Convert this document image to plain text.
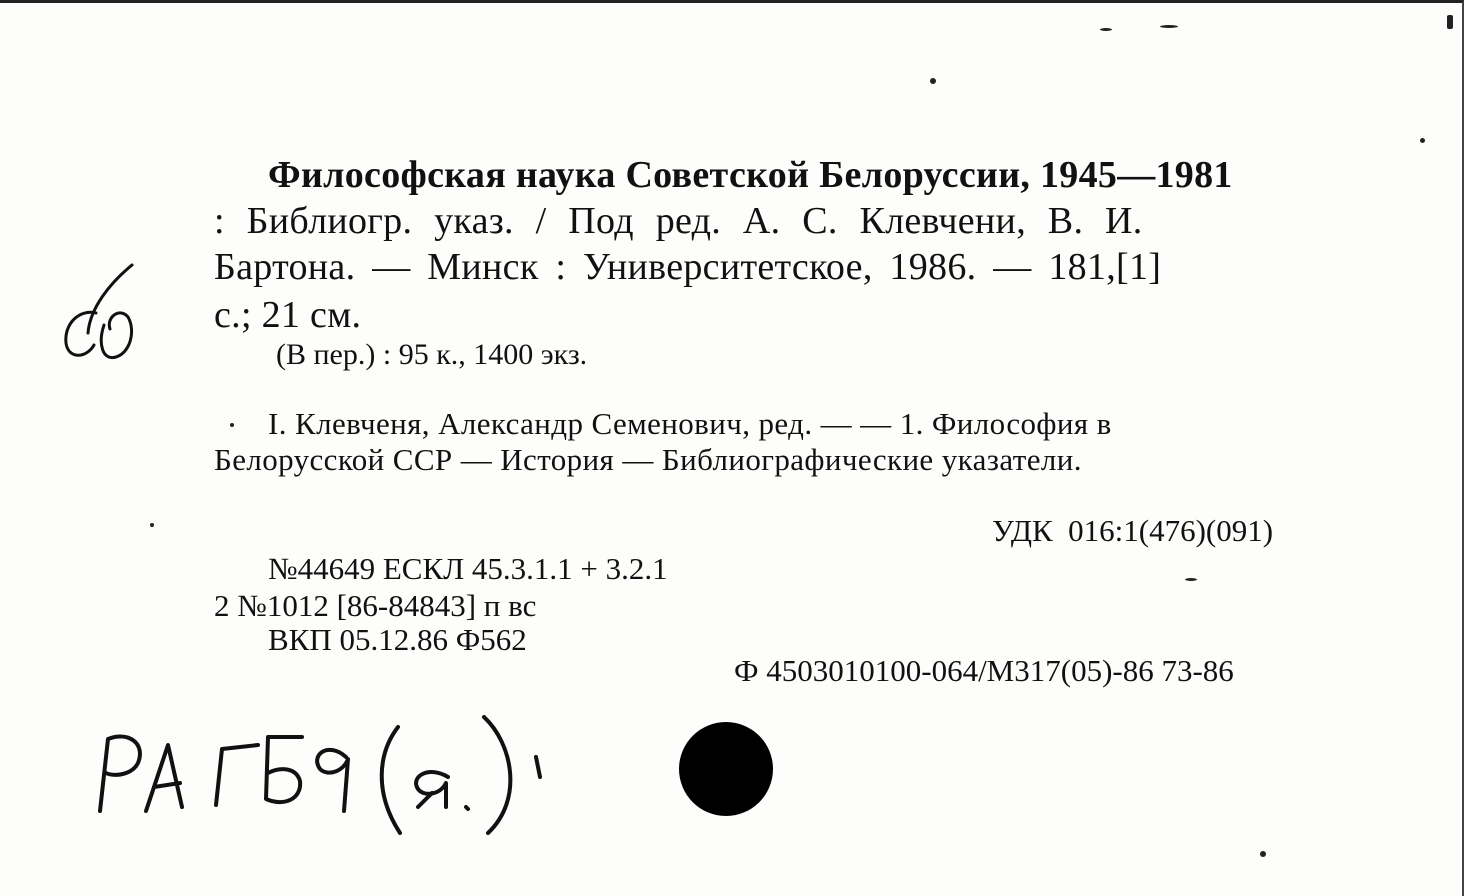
Философская наука Советской Белоруссии, 1945—1981
: Библиогр. указ. / Под ред. А. С. Клевчени, В. И.
Бартона. — Минск : Университетское, 1986. — 181,[1]
с.; 21 см.
(В пер.) : 95 к., 1400 экз.
I. Клевченя, Александр Семенович, ред. — — 1. Философия в
Белорусской ССР — История — Библиографические указатели.
УДК  016:1(476)(091)
№44649 ЕСКЛ 45.3.1.1 + 3.2.1
2 №1012 [86-84843] п вс
ВКП 05.12.86 Ф562
Ф 4503010100-064/М317(05)-86 73-86
